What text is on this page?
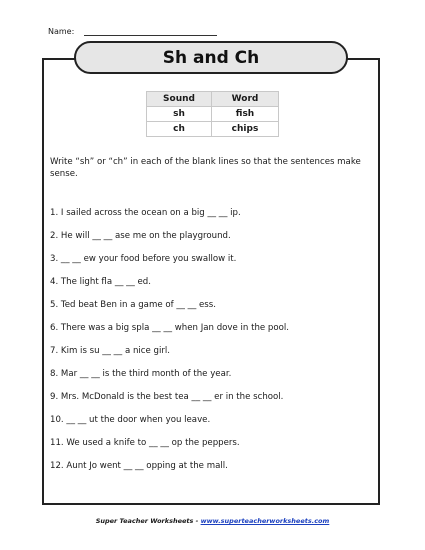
Name:
Sh and Ch
Sound	Word
sh	fish
ch	chips

Write “sh” or “ch” in each of the blank lines so that the sentences make sense.

1. I sailed across the ocean on a big __ __ ip.
2. He will __ __ ase me on the playground.
3. __ __ ew your food before you swallow it.
4. The light fla __ __ ed.
5. Ted beat Ben in a game of __ __ ess.
6. There was a big spla __ __ when Jan dove in the pool.
7. Kim is su __ __ a nice girl.
8. Mar __ __ is the third month of the year.
9. Mrs. McDonald is the best tea __ __ er in the school.
10. __ __ ut the door when you leave.
11. We used a knife to __ __ op the peppers.
12. Aunt Jo went __ __ opping at the mall.
Super Teacher Worksheets - www.superteacherworksheets.com
